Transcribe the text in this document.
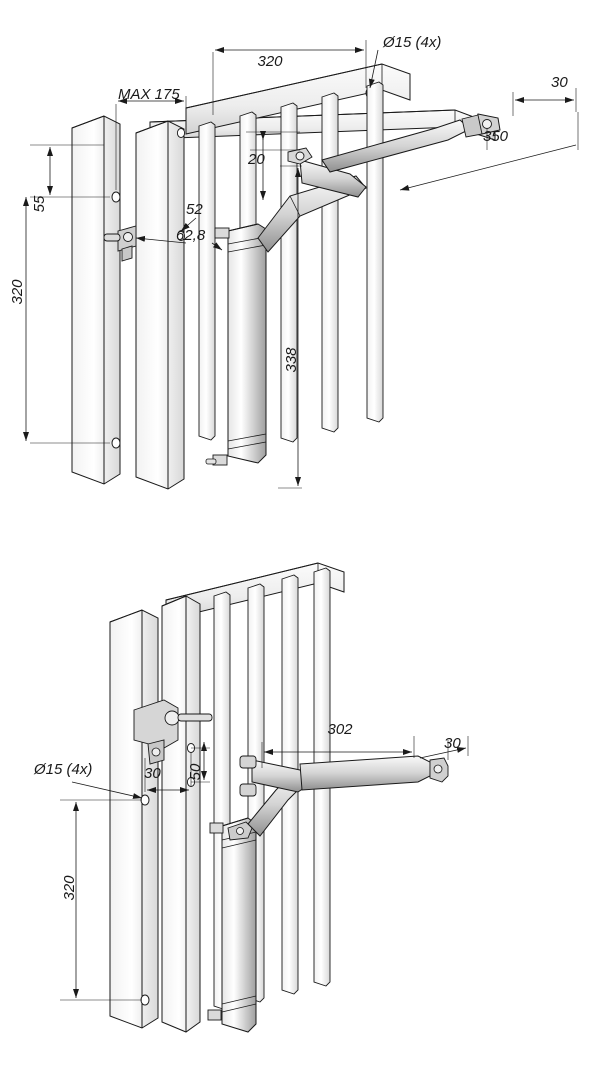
320
Ø15 (4x)
MAX 175
30
350
20
55	52
62,8
320
338
302
30
Ø15 (4x)	30 50
320
